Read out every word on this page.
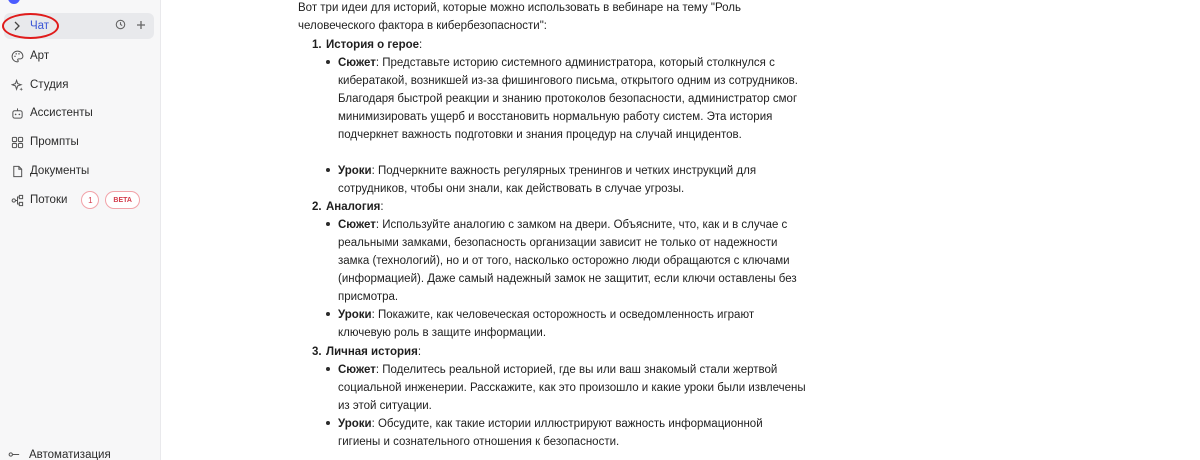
Чат
Арт
Студия
Ассистенты
Промпты
Документы
Потоки	1	BETA
Автоматизация
Вот три идеи для историй, которые можно использовать в вебинаре на тему "Роль человеческого фактора в кибербезопасности":
1. История о герое:
Сюжет: Представьте историю системного администратора, который столкнулся с кибератакой, возникшей из-за фишингового письма, открытого одним из сотрудников. Благодаря быстрой реакции и знанию протоколов безопасности, администратор смог минимизировать ущерб и восстановить нормальную работу систем. Эта история подчеркнет важность подготовки и знания процедур на случай инцидентов.
Уроки: Подчеркните важность регулярных тренингов и четких инструкций для сотрудников, чтобы они знали, как действовать в случае угрозы.
2. Аналогия:
Сюжет: Используйте аналогию с замком на двери. Объясните, что, как и в случае с реальными замками, безопасность организации зависит не только от надежности замка (технологий), но и от того, насколько осторожно люди обращаются с ключами (информацией). Даже самый надежный замок не защитит, если ключи оставлены без присмотра.
Уроки: Покажите, как человеческая осторожность и осведомленность играют ключевую роль в защите информации.
3. Личная история:
Сюжет: Поделитесь реальной историей, где вы или ваш знакомый стали жертвой социальной инженерии. Расскажите, как это произошло и какие уроки были извлечены из этой ситуации.
Уроки: Обсудите, как такие истории иллюстрируют важность информационной гигиены и сознательного отношения к безопасности.
